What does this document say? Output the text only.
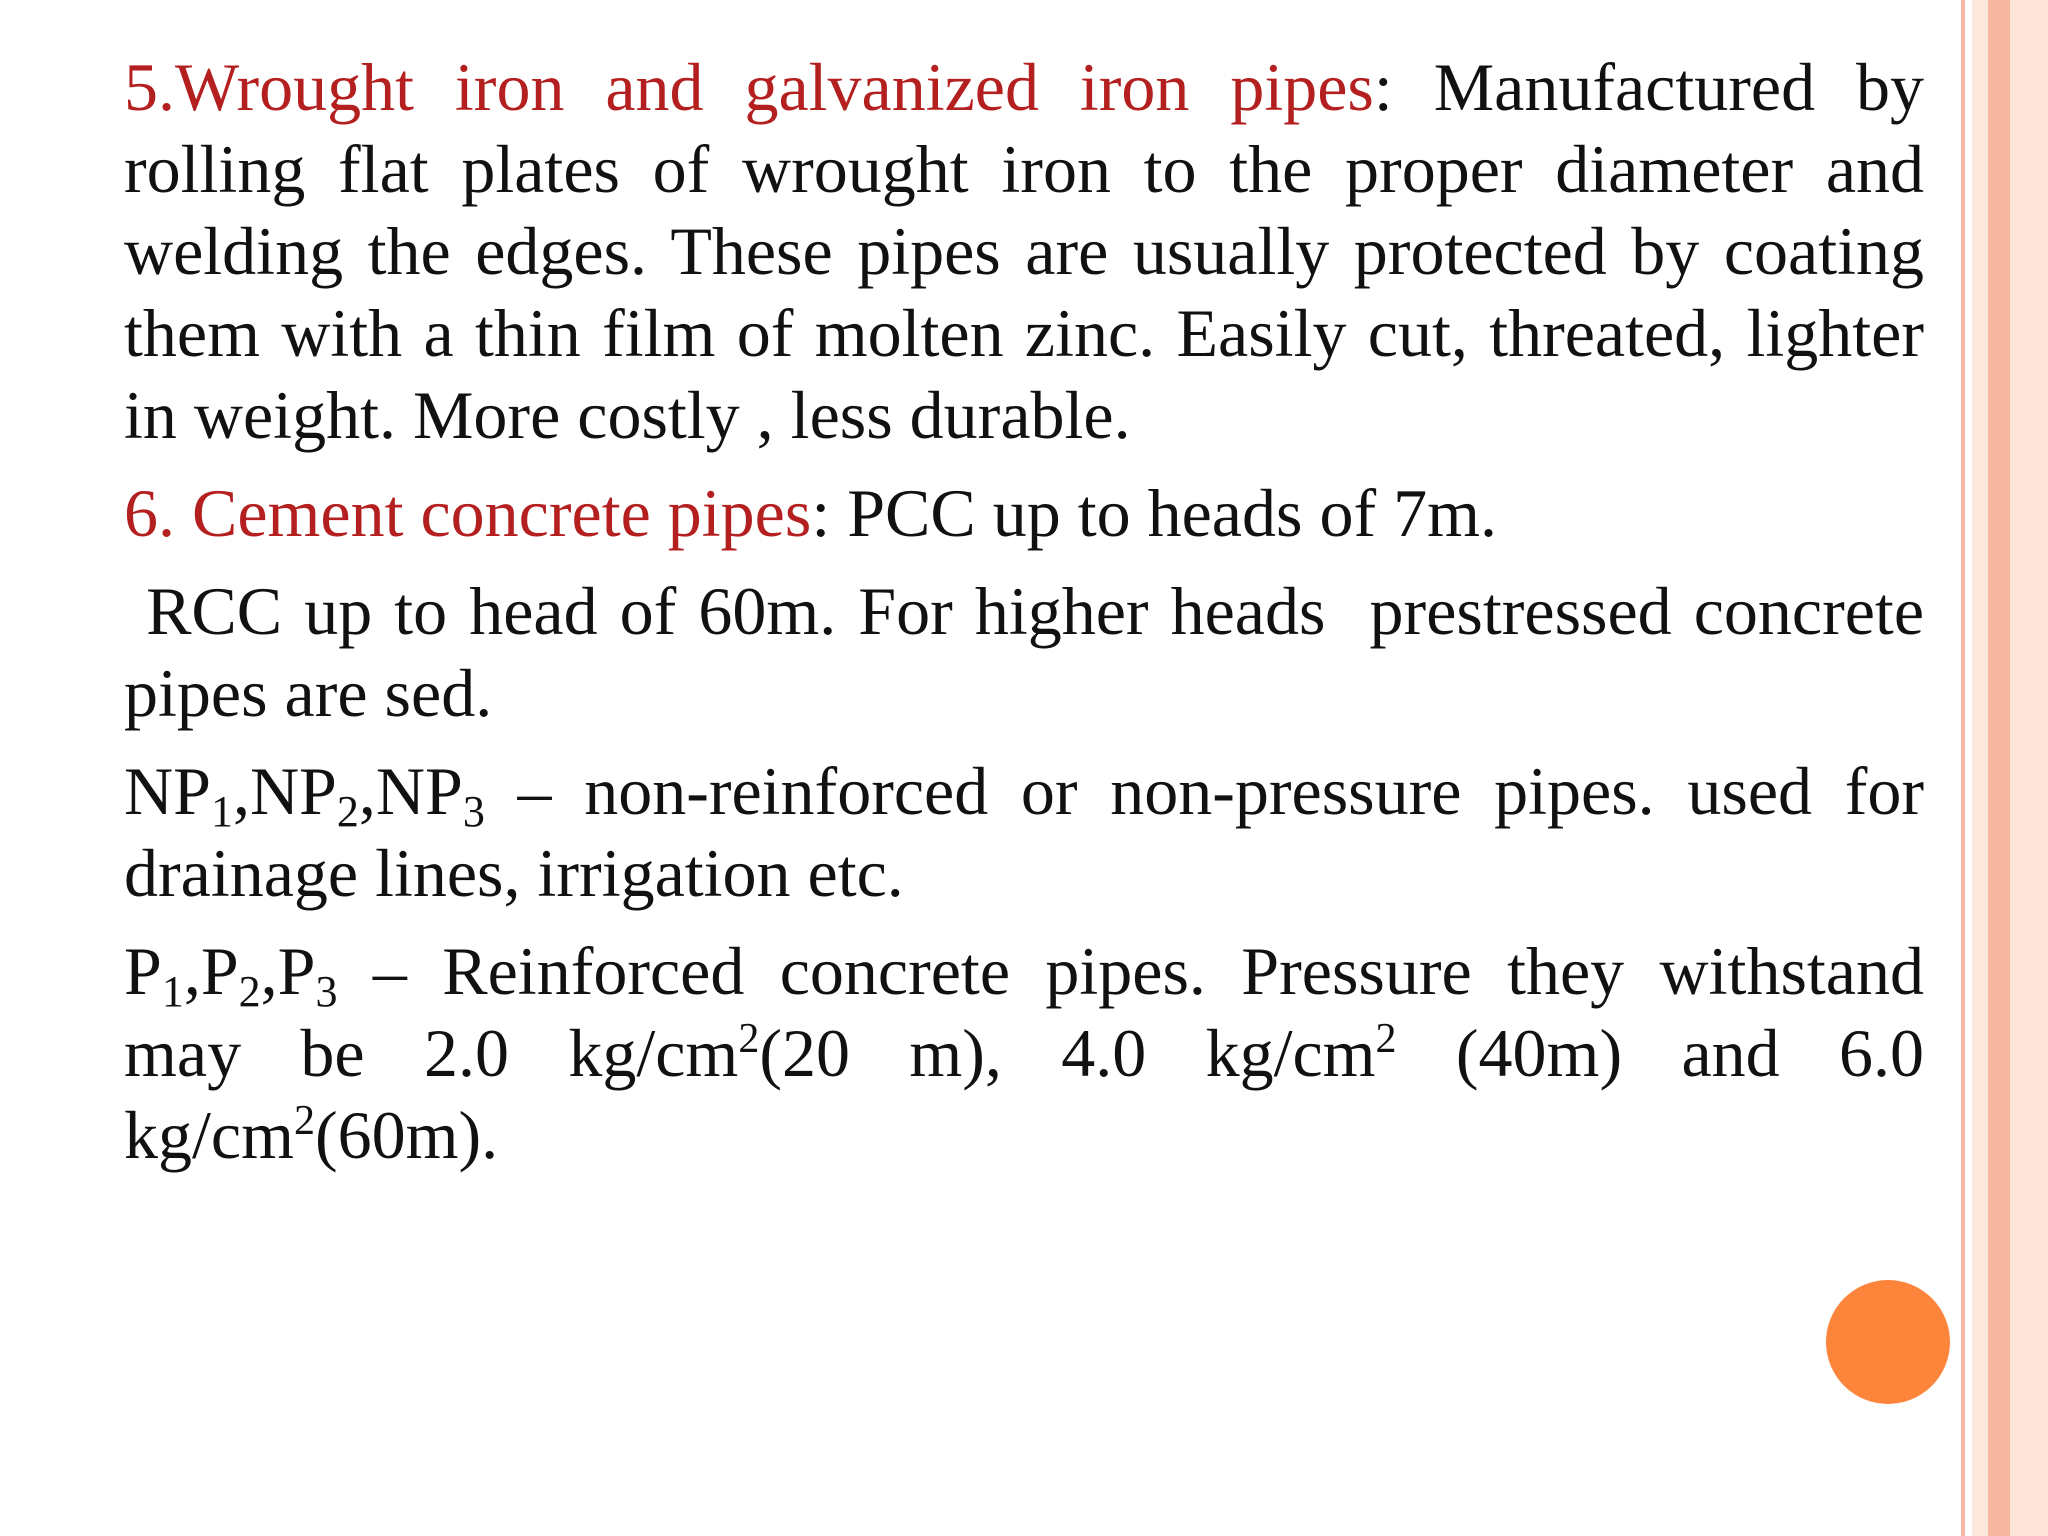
5.Wrought iron and galvanized iron pipes: Manufactured by rolling flat plates of wrought iron to the proper diameter and welding the edges. These pipes are usually protected by coating them with a thin film of molten zinc. Easily cut, threated, lighter in weight. More costly , less durable.

6. Cement concrete pipes: PCC up to heads of 7m.

RCC up to head of 60m. For higher heads  prestressed concrete pipes are sed.

$NP_1,NP_2,NP_3$ – non-reinforced or non-pressure pipes. used for drainage lines, irrigation etc.

$P_1,P_2,P_3$ – Reinforced concrete pipes. Pressure they withstand may be 2.0 $kg/cm^2(20$ m), 4.0 $kg/cm^2$ (40m) and 6.0 $kg/cm^2(60m)$.
